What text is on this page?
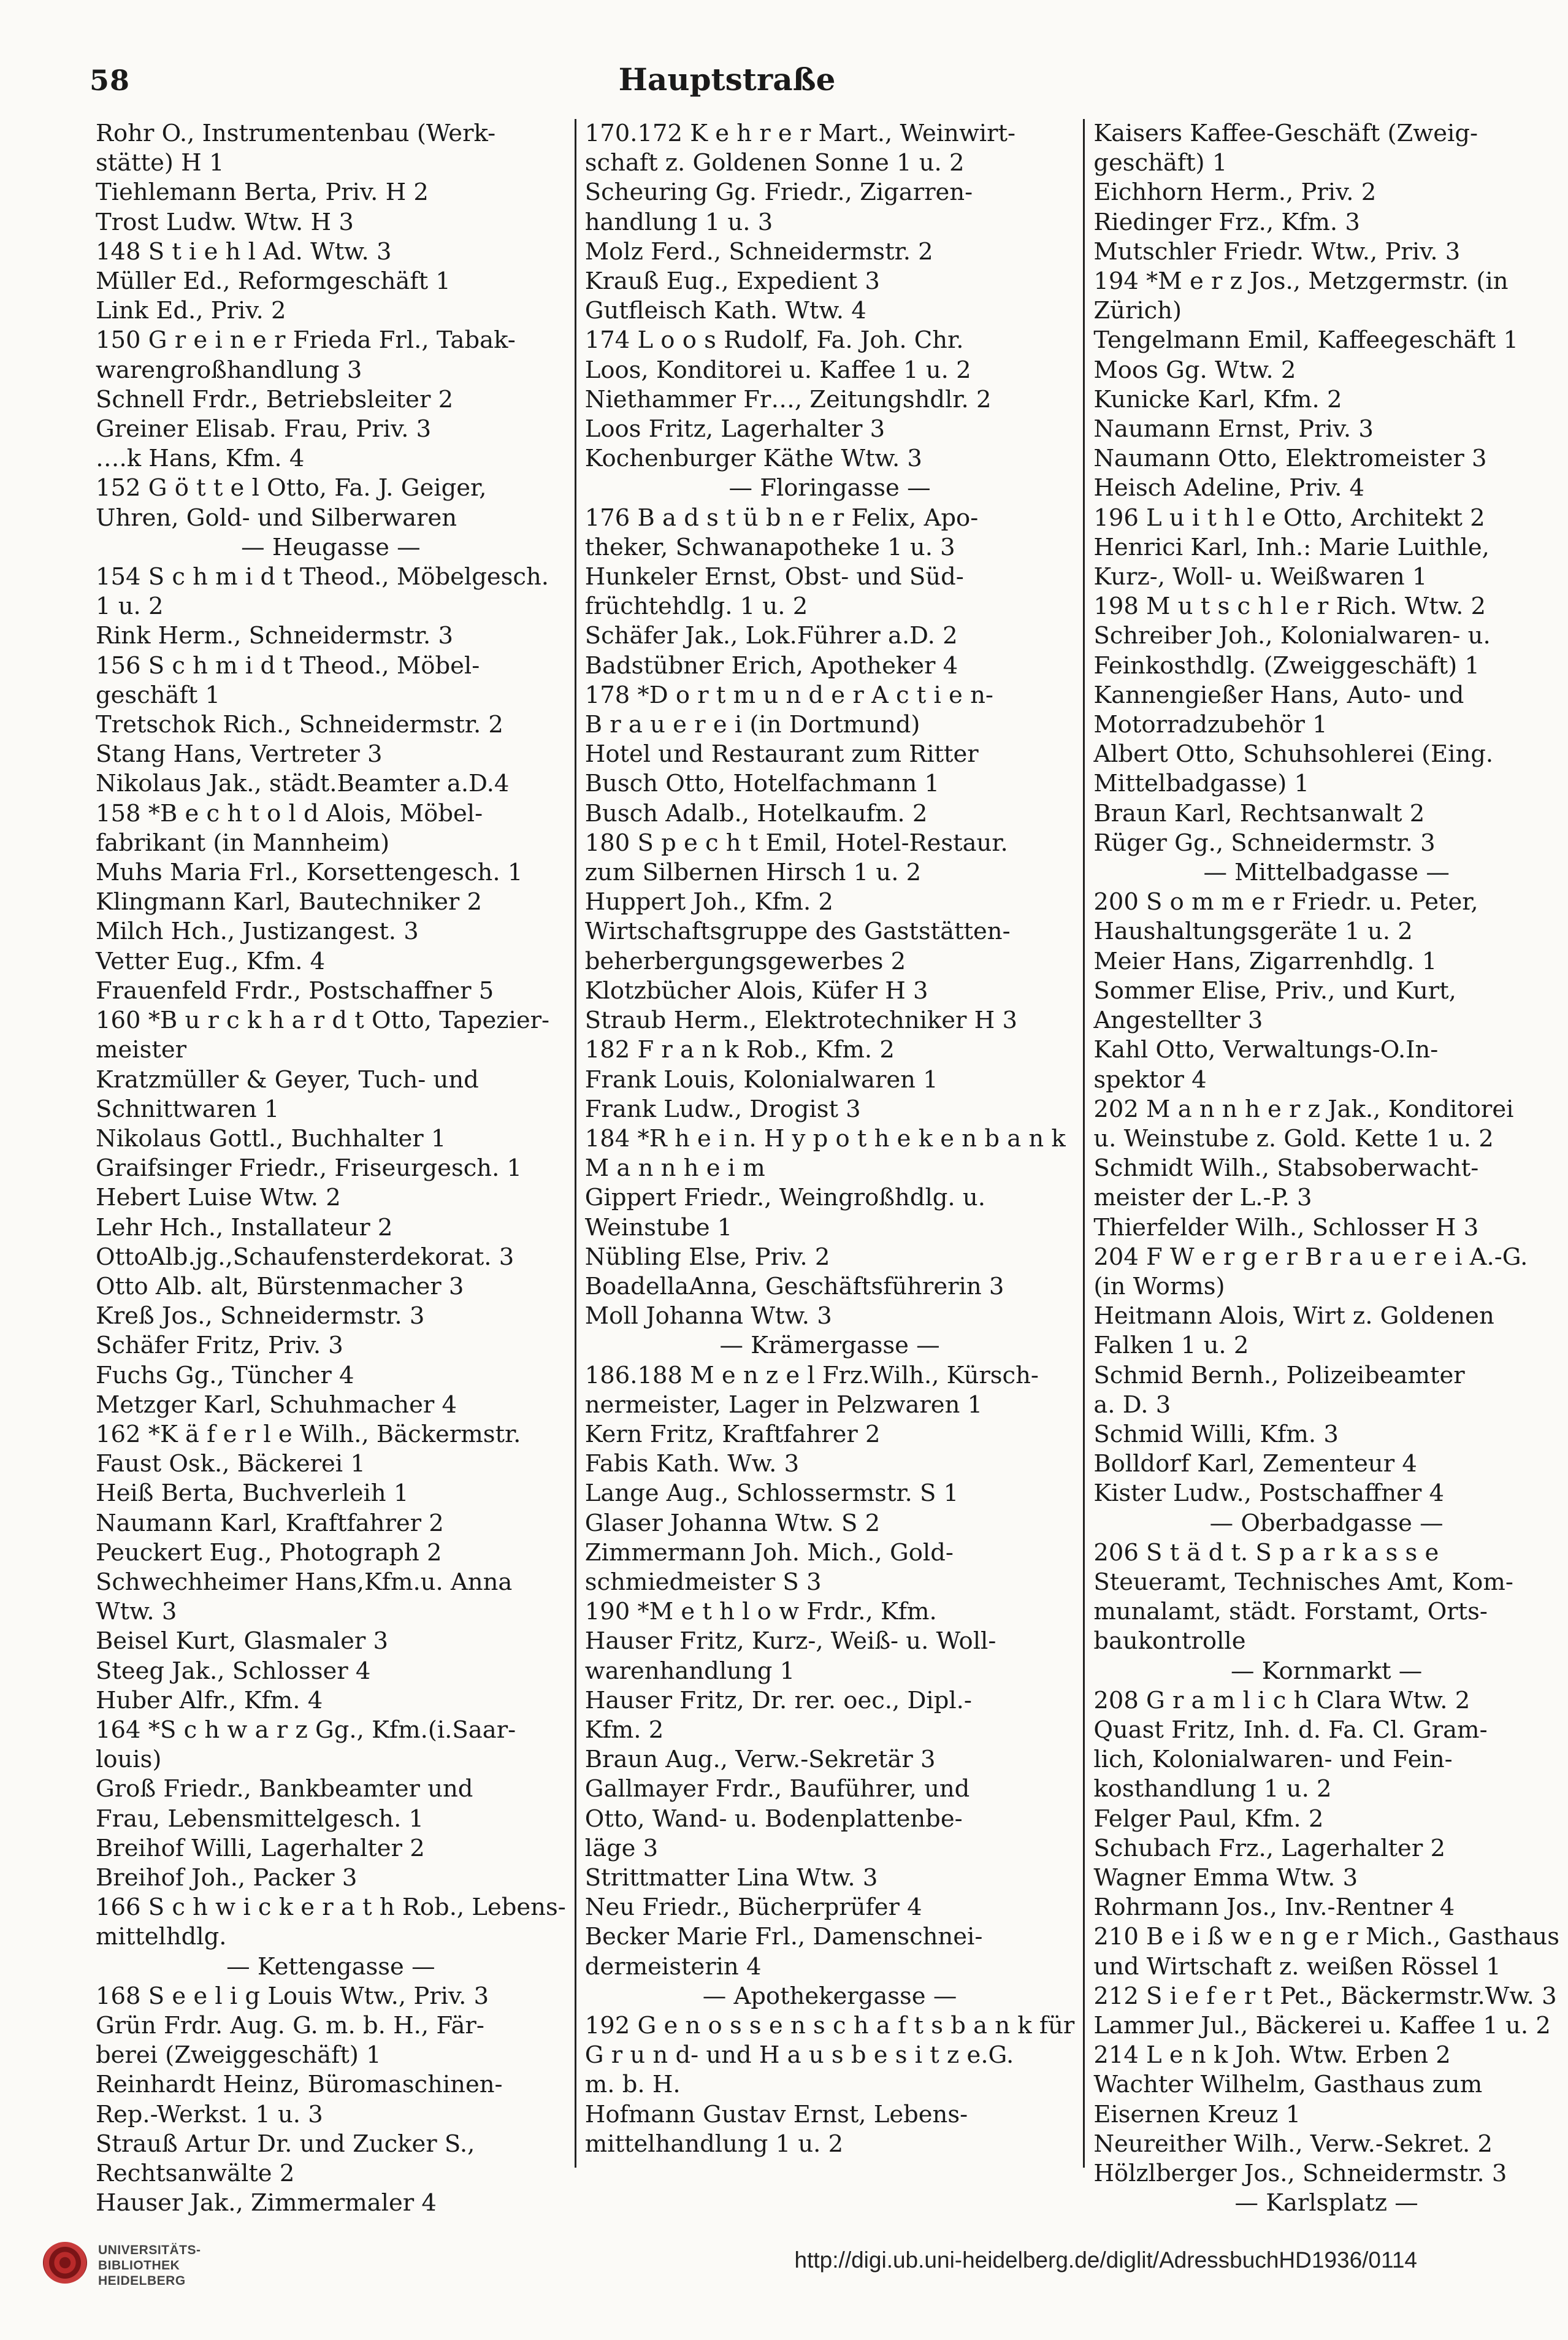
58	Hauptstraße
Rohr O., Instrumentenbau (Werk-
stätte) H 1
Tiehlemann Berta, Priv. H 2
Trost Ludw. Wtw. H 3
148 S t i e h l Ad. Wtw. 3
Müller Ed., Reformgeschäft 1
Link Ed., Priv. 2
150 G r e i n e r Frieda Frl., Tabak-
warengroßhandlung 3
Schnell Frdr., Betriebsleiter 2
Greiner Elisab. Frau, Priv. 3
….k Hans, Kfm. 4
152 G ö t t e l Otto, Fa. J. Geiger,
Uhren, Gold- und Silberwaren
— Heugasse —
154 S c h m i d t Theod., Möbelgesch.
1 u. 2
Rink Herm., Schneidermstr. 3
156 S c h m i d t Theod., Möbel-
geschäft 1
Tretschok Rich., Schneidermstr. 2
Stang Hans, Vertreter 3
Nikolaus Jak., städt.Beamter a.D.4
158 *B e c h t o l d Alois, Möbel-
fabrikant (in Mannheim)
Muhs Maria Frl., Korsettengesch. 1
Klingmann Karl, Bautechniker 2
Milch Hch., Justizangest. 3
Vetter Eug., Kfm. 4
Frauenfeld Frdr., Postschaffner 5
160 *B u r c k h a r d t Otto, Tapezier-
meister
Kratzmüller & Geyer, Tuch- und
Schnittwaren 1
Nikolaus Gottl., Buchhalter 1
Graifsinger Friedr., Friseurgesch. 1
Hebert Luise Wtw. 2
Lehr Hch., Installateur 2
OttoAlb.jg.,Schaufensterdekorat. 3
Otto Alb. alt, Bürstenmacher 3
Kreß Jos., Schneidermstr. 3
Schäfer Fritz, Priv. 3
Fuchs Gg., Tüncher 4
Metzger Karl, Schuhmacher 4
162 *K ä f e r l e Wilh., Bäckermstr.
Faust Osk., Bäckerei 1
Heiß Berta, Buchverleih 1
Naumann Karl, Kraftfahrer 2
Peuckert Eug., Photograph 2
Schwechheimer Hans,Kfm.u. Anna
Wtw. 3
Beisel Kurt, Glasmaler 3
Steeg Jak., Schlosser 4
Huber Alfr., Kfm. 4
164 *S c h w a r z Gg., Kfm.(i.Saar-
louis)
Groß Friedr., Bankbeamter und
Frau, Lebensmittelgesch. 1
Breihof Willi, Lagerhalter 2
Breihof Joh., Packer 3
166 S c h w i c k e r a t h Rob., Lebens-
mittelhdlg.
— Kettengasse —
168 S e e l i g Louis Wtw., Priv. 3
Grün Frdr. Aug. G. m. b. H., Fär-
berei (Zweiggeschäft) 1
Reinhardt Heinz, Büromaschinen-
Rep.-Werkst. 1 u. 3
Strauß Artur Dr. und Zucker S.,
Rechtsanwälte 2
Hauser Jak., Zimmermaler 4
170.172 K e h r e r Mart., Weinwirt-
schaft z. Goldenen Sonne 1 u. 2
Scheuring Gg. Friedr., Zigarren-
handlung 1 u. 3
Molz Ferd., Schneidermstr. 2
Krauß Eug., Expedient 3
Gutfleisch Kath. Wtw. 4
174 L o o s Rudolf, Fa. Joh. Chr.
Loos, Konditorei u. Kaffee 1 u. 2
Niethammer Fr…, Zeitungshdlr. 2
Loos Fritz, Lagerhalter 3
Kochenburger Käthe Wtw. 3
— Floringasse —
176 B a d s t ü b n e r Felix, Apo-
theker, Schwanapotheke 1 u. 3
Hunkeler Ernst, Obst- und Süd-
früchtehdlg. 1 u. 2
Schäfer Jak., Lok.Führer a.D. 2
Badstübner Erich, Apotheker 4
178 *D o r t m u n d e r A c t i e n-
B r a u e r e i (in Dortmund)
Hotel und Restaurant zum Ritter
Busch Otto, Hotelfachmann 1
Busch Adalb., Hotelkaufm. 2
180 S p e c h t Emil, Hotel-Restaur.
zum Silbernen Hirsch 1 u. 2
Huppert Joh., Kfm. 2
Wirtschaftsgruppe des Gaststätten-
beherbergungsgewerbes 2
Klotzbücher Alois, Küfer H 3
Straub Herm., Elektrotechniker H 3
182 F r a n k Rob., Kfm. 2
Frank Louis, Kolonialwaren 1
Frank Ludw., Drogist 3
184 *R h e i n. H y p o t h e k e n b a n k
M a n n h e i m
Gippert Friedr., Weingroßhdlg. u.
Weinstube 1
Nübling Else, Priv. 2
BoadellaAnna, Geschäftsführerin 3
Moll Johanna Wtw. 3
— Krämergasse —
186.188 M e n z e l Frz.Wilh., Kürsch-
nermeister, Lager in Pelzwaren 1
Kern Fritz, Kraftfahrer 2
Fabis Kath. Ww. 3
Lange Aug., Schlossermstr. S 1
Glaser Johanna Wtw. S 2
Zimmermann Joh. Mich., Gold-
schmiedmeister S 3
190 *M e t h l o w Frdr., Kfm.
Hauser Fritz, Kurz-, Weiß- u. Woll-
warenhandlung 1
Hauser Fritz, Dr. rer. oec., Dipl.-
Kfm. 2
Braun Aug., Verw.-Sekretär 3
Gallmayer Frdr., Bauführer, und
Otto, Wand- u. Bodenplattenbe-
läge 3
Strittmatter Lina Wtw. 3
Neu Friedr., Bücherprüfer 4
Becker Marie Frl., Damenschnei-
dermeisterin 4
— Apothekergasse —
192 G e n o s s e n s c h a f t s b a n k für
G r u n d- und H a u s b e s i t z e.G.
m. b. H.
Hofmann Gustav Ernst, Lebens-
mittelhandlung 1 u. 2
Kaisers Kaffee-Geschäft (Zweig-
geschäft) 1
Eichhorn Herm., Priv. 2
Riedinger Frz., Kfm. 3
Mutschler Friedr. Wtw., Priv. 3
194 *M e r z Jos., Metzgermstr. (in
Zürich)
Tengelmann Emil, Kaffeegeschäft 1
Moos Gg. Wtw. 2
Kunicke Karl, Kfm. 2
Naumann Ernst, Priv. 3
Naumann Otto, Elektromeister 3
Heisch Adeline, Priv. 4
196 L u i t h l e Otto, Architekt 2
Henrici Karl, Inh.: Marie Luithle,
Kurz-, Woll- u. Weißwaren 1
198 M u t s c h l e r Rich. Wtw. 2
Schreiber Joh., Kolonialwaren- u.
Feinkosthdlg. (Zweiggeschäft) 1
Kannengießer Hans, Auto- und
Motorradzubehör 1
Albert Otto, Schuhsohlerei (Eing.
Mittelbadgasse) 1
Braun Karl, Rechtsanwalt 2
Rüger Gg., Schneidermstr. 3
— Mittelbadgasse —
200 S o m m e r Friedr. u. Peter,
Haushaltungsgeräte 1 u. 2
Meier Hans, Zigarrenhdlg. 1
Sommer Elise, Priv., und Kurt,
Angestellter 3
Kahl Otto, Verwaltungs-O.In-
spektor 4
202 M a n n h e r z Jak., Konditorei
u. Weinstube z. Gold. Kette 1 u. 2
Schmidt Wilh., Stabsoberwacht-
meister der L.-P. 3
Thierfelder Wilh., Schlosser H 3
204 F W e r g e r B r a u e r e i A.-G.
(in Worms)
Heitmann Alois, Wirt z. Goldenen
Falken 1 u. 2
Schmid Bernh., Polizeibeamter
a. D. 3
Schmid Willi, Kfm. 3
Bolldorf Karl, Zementeur 4
Kister Ludw., Postschaffner 4
— Oberbadgasse —
206 S t ä d t. S p a r k a s s e
Steueramt, Technisches Amt, Kom-
munalamt, städt. Forstamt, Orts-
baukontrolle
— Kornmarkt —
208 G r a m l i c h Clara Wtw. 2
Quast Fritz, Inh. d. Fa. Cl. Gram-
lich, Kolonialwaren- und Fein-
kosthandlung 1 u. 2
Felger Paul, Kfm. 2
Schubach Frz., Lagerhalter 2
Wagner Emma Wtw. 3
Rohrmann Jos., Inv.-Rentner 4
210 B e i ß w e n g e r Mich., Gasthaus
und Wirtschaft z. weißen Rössel 1
212 S i e f e r t Pet., Bäckermstr.Ww. 3
Lammer Jul., Bäckerei u. Kaffee 1 u. 2
214 L e n k Joh. Wtw. Erben 2
Wachter Wilhelm, Gasthaus zum
Eisernen Kreuz 1
Neureither Wilh., Verw.-Sekret. 2
Hölzlberger Jos., Schneidermstr. 3
— Karlsplatz —
UNIVERSITÄTS-
BIBLIOTHEK
HEIDELBERG
http://digi.ub.uni-heidelberg.de/diglit/AdressbuchHD1936/0114
